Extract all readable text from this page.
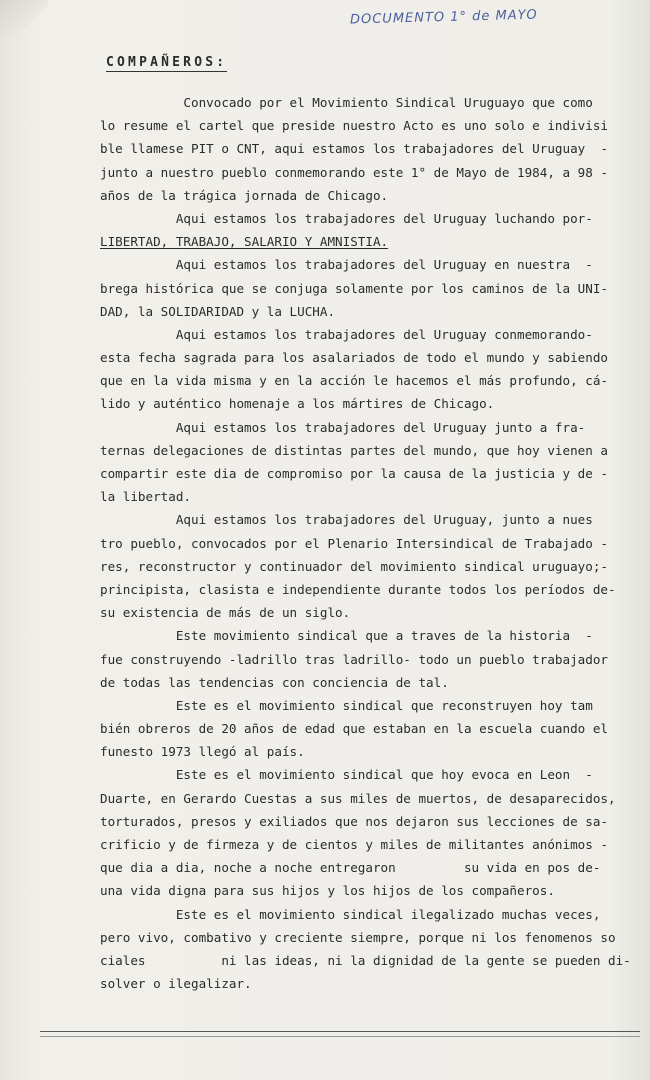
DOCUMENTO 1° de MAYO
COMPAÑEROS:
Convocado por el Movimiento Sindical Uruguayo que como
lo resume el cartel que preside nuestro Acto es uno solo e indivisi
ble llamese PIT o CNT, aqui estamos los trabajadores del Uruguay  -
junto a nuestro pueblo conmemorando este 1° de Mayo de 1984, a 98 -
años de la trágica jornada de Chicago.
Aqui estamos los trabajadores del Uruguay luchando por-
LIBERTAD, TRABAJO, SALARIO Y AMNISTIA.
Aqui estamos los trabajadores del Uruguay en nuestra  -
brega histórica que se conjuga solamente por los caminos de la UNI-
DAD, la SOLIDARIDAD y la LUCHA.
Aqui estamos los trabajadores del Uruguay conmemorando-
esta fecha sagrada para los asalariados de todo el mundo y sabiendo
que en la vida misma y en la acción le hacemos el más profundo, cá-
lido y auténtico homenaje a los mártires de Chicago.
Aqui estamos los trabajadores del Uruguay junto a fra-
ternas delegaciones de distintas partes del mundo, que hoy vienen a
compartir este dia de compromiso por la causa de la justicia y de -
la libertad.
Aqui estamos los trabajadores del Uruguay, junto a nues
tro pueblo, convocados por el Plenario Intersindical de Trabajado -
res, reconstructor y continuador del movimiento sindical uruguayo;-
principista, clasista e independiente durante todos los períodos de-
su existencia de más de un siglo.
Este movimiento sindical que a traves de la historia  -
fue construyendo -ladrillo tras ladrillo- todo un pueblo trabajador
de todas las tendencias con conciencia de tal.
Este es el movimiento sindical que reconstruyen hoy tam
bién obreros de 20 años de edad que estaban en la escuela cuando el
funesto 1973 llegó al país.
Este es el movimiento sindical que hoy evoca en Leon  -
Duarte, en Gerardo Cuestas a sus miles de muertos, de desaparecidos,
torturados, presos y exiliados que nos dejaron sus lecciones de sa-
crificio y de firmeza y de cientos y miles de militantes anónimos -
que dia a dia, noche a noche entregaron         su vida en pos de-
una vida digna para sus hijos y los hijos de los compañeros.
Este es el movimiento sindical ilegalizado muchas veces,
pero vivo, combativo y creciente siempre, porque ni los fenomenos so
ciales          ni las ideas, ni la dignidad de la gente se pueden di-
solver o ilegalizar.
